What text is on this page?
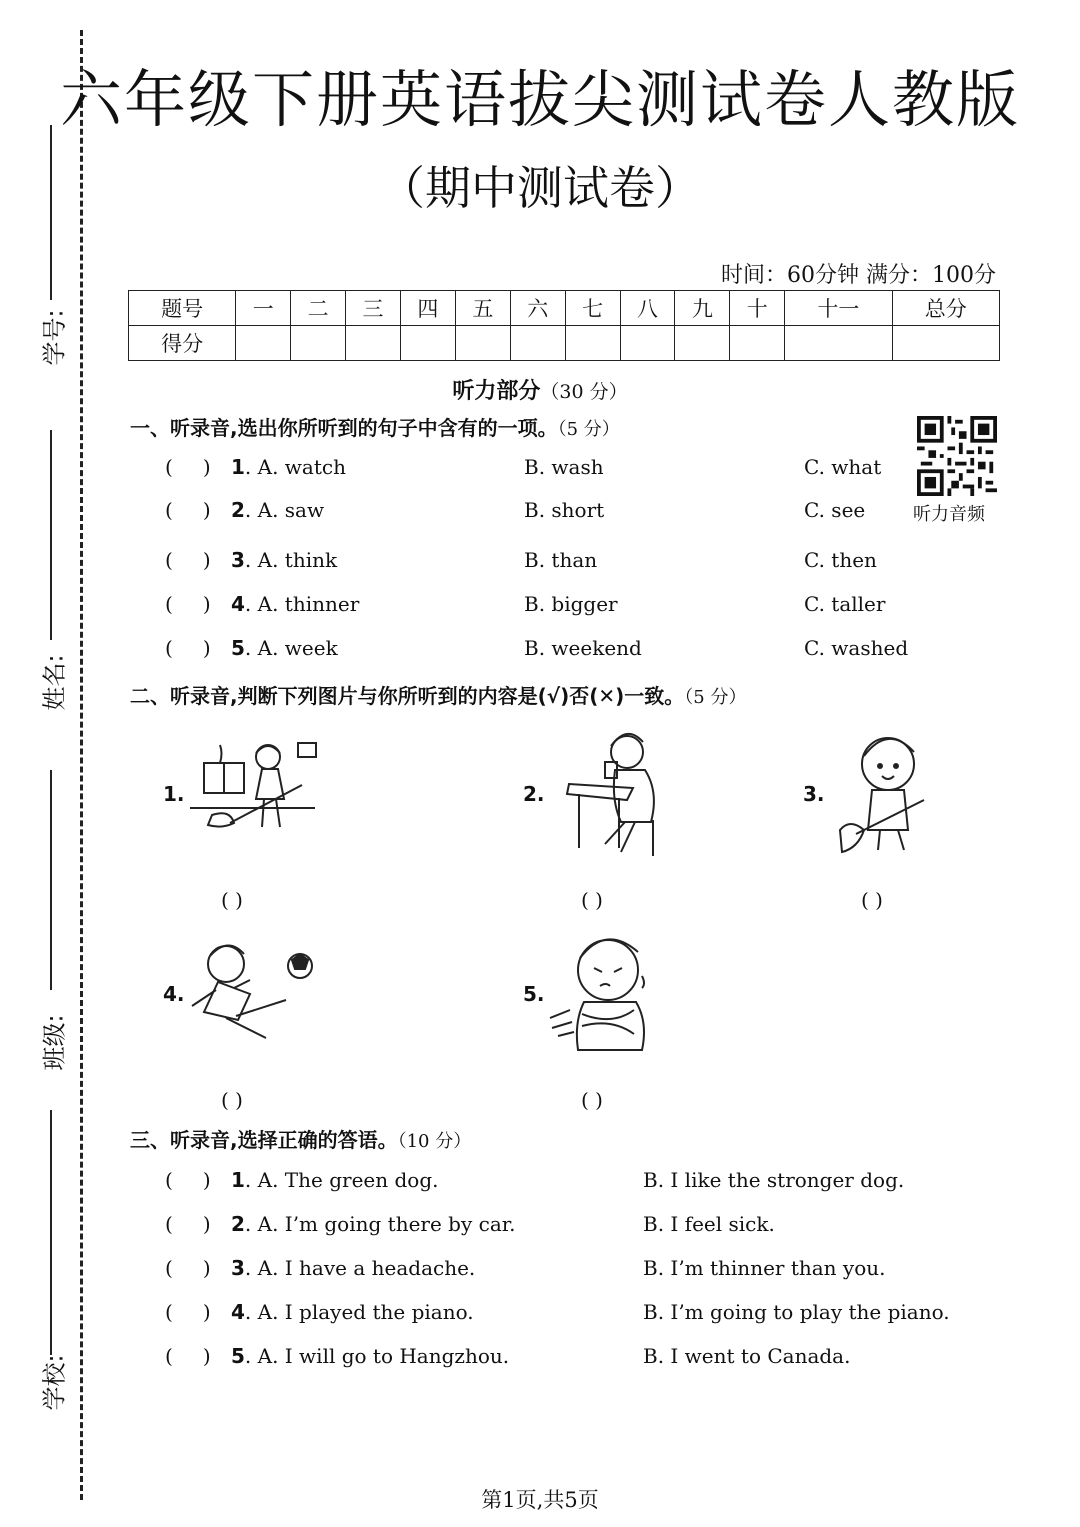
学号:
姓名:
班级:
学校:
六年级下册英语拔尖测试卷人教版
（期中测试卷）
时间：60分钟 满分：100分
题号	一	二	三	四	五	六	七	八	九	十	十一	总分
得分												
听力部分（30 分）
一、听录音,选出你所听到的句子中含有的一项。（5 分）
听力音频
(   ) 1. A. watch	B. wash	C. what
(   ) 2. A. saw	B. short	C. see
(   ) 3. A. think	B. than	C. then
(   ) 4. A. thinner	B. bigger	C. taller
(   ) 5. A. week	B. weekend	C. washed
二、听录音,判断下列图片与你所听到的内容是(√)否(✕)一致。（5 分）
1.
( )
2.
( )
3.
( )
4.
( )
5.
( )
三、听录音,选择正确的答语。（10 分）
(   ) 1. A. The green dog.	B. I like the stronger dog.
(   ) 2. A. I’m going there by car.	B. I feel sick.
(   ) 3. A. I have a headache.	B. I’m thinner than you.
(   ) 4. A. I played the piano.	B. I’m going to play the piano.
(   ) 5. A. I will go to Hangzhou.	B. I went to Canada.
第1页,共5页
